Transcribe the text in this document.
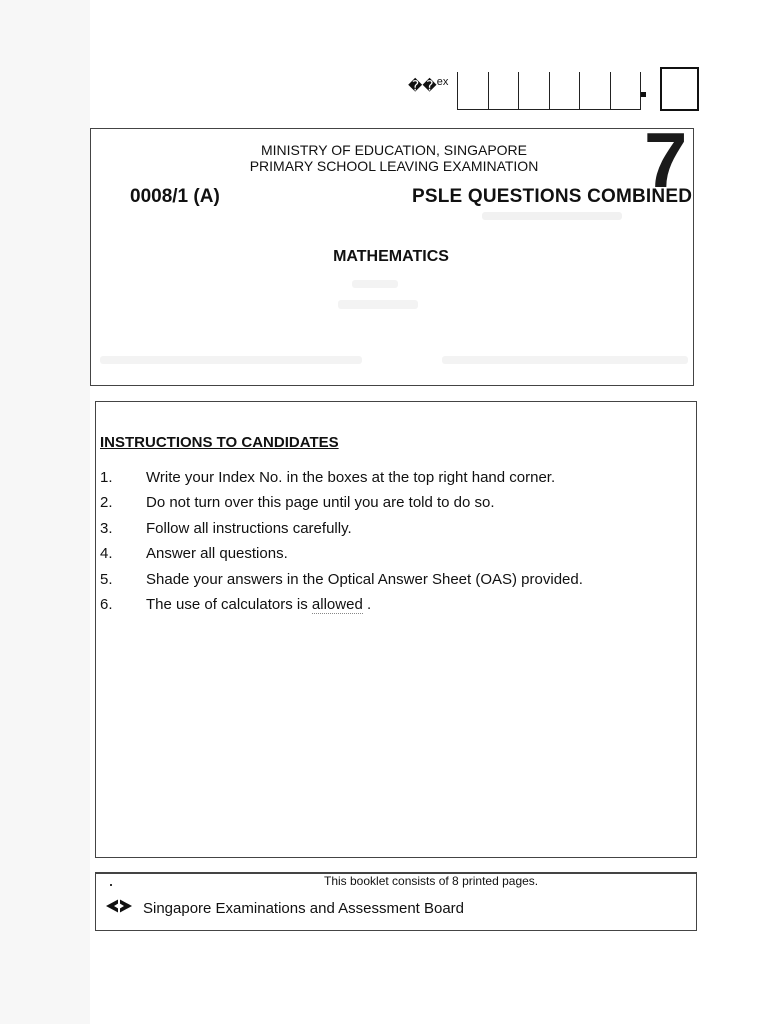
��$^{ex}$
MINISTRY OF EDUCATION, SINGAPORE
PRIMARY SCHOOL LEAVING EXAMINATION	7
0008/1 (A)	PSLE QUESTIONS COMBINED
MATHEMATICS
INSTRUCTIONS TO CANDIDATES
1.	Write your Index No. in the boxes at the top right hand corner.
2.	Do not turn over this page until you are told to do so.
3.	Follow all instructions carefully.
4.	Answer all questions.
5.	Shade your answers in the Optical Answer Sheet (OAS) provided.
6.	The use of calculators is allowed .
This booklet consists of 8 printed pages.
Singapore Examinations and Assessment Board
